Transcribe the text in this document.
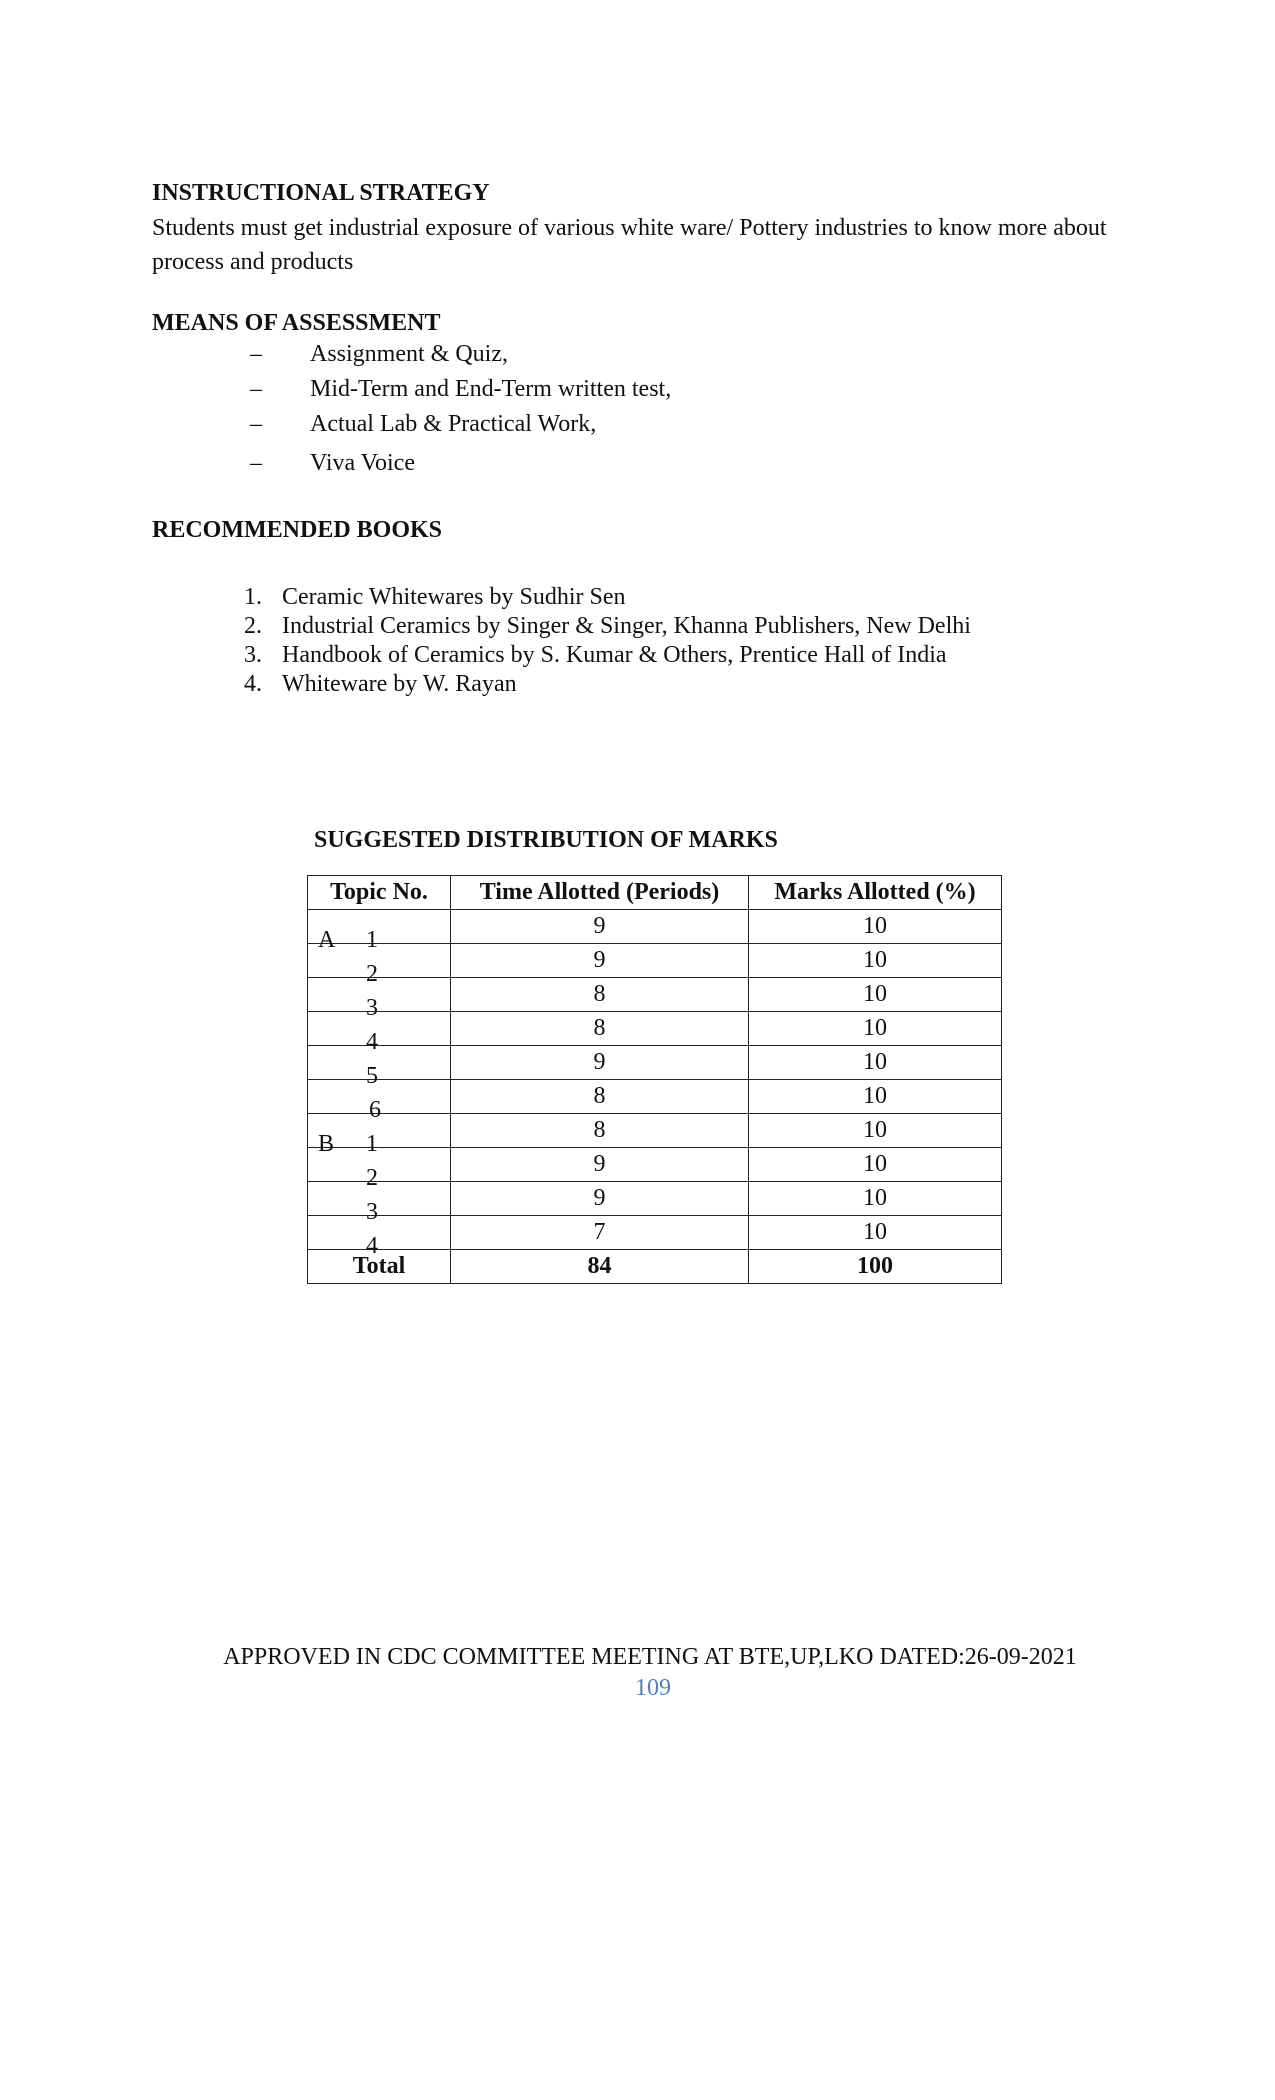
INSTRUCTIONAL STRATEGY
Students must get industrial exposure of various white ware/ Pottery industries to know more about
process and products
MEANS OF ASSESSMENT
– Assignment & Quiz,
– Mid-Term and End-Term written test,
– Actual Lab & Practical Work,
– Viva Voice
RECOMMENDED BOOKS
1. Ceramic Whitewares by Sudhir Sen
2. Industrial Ceramics by Singer & Singer, Khanna Publishers, New Delhi
3. Handbook of Ceramics by S. Kumar & Others, Prentice Hall of India
4. Whiteware by W. Rayan
SUGGESTED DISTRIBUTION OF MARKS
Topic No.	Time Allotted (Periods)	Marks Allotted (%)

A 1	9	10

2	9	10

3	8	10

4	8	10

5	9	10

6	8	10

B 1	8	10

2	9	10

3	9	10

4	7	10
Total	84	100
APPROVED IN CDC COMMITTEE MEETING AT BTE,UP,LKO DATED:26-09-2021
109
